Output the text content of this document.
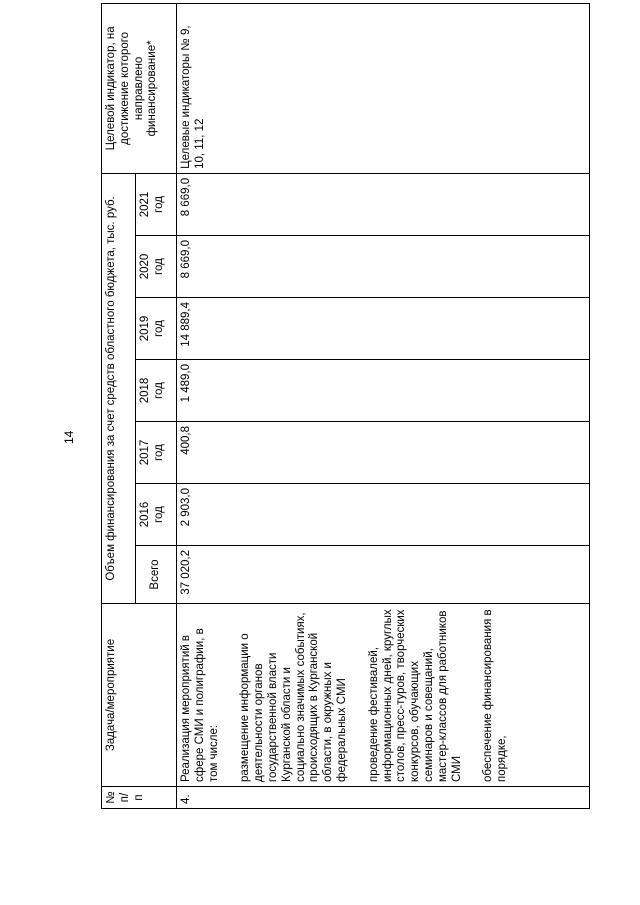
14
№ п/п	Задача/мероприятие	Объем финансирования за счет средств областного бюджета, тыс. руб.							Целевой индикатор, на достижение которого направлено финансирование*
		Всего	2016 год	2017 год	2018 год	2019 год	2020 год	2021 год	

4.	Реализация мероприятий в сфере СМИ и полиграфии, в том числе: размещение информации о деятельности органов государственной власти Курганской области и социально значимых событиях, происходящих в Курганской области, в окружных и федеральных СМИ проведение фестивалей, информационных дней, круглых столов, пресс-туров, творческих конкурсов, обучающих семинаров и совещаний, мастер-классов для работников СМИ обеспечение финансирования в порядке,	37 020,2	2 903,0	400,8	1 489,0	14 889,4	8 669,0	8 669,0	Целевые индикаторы № 9, 10, 11, 12
